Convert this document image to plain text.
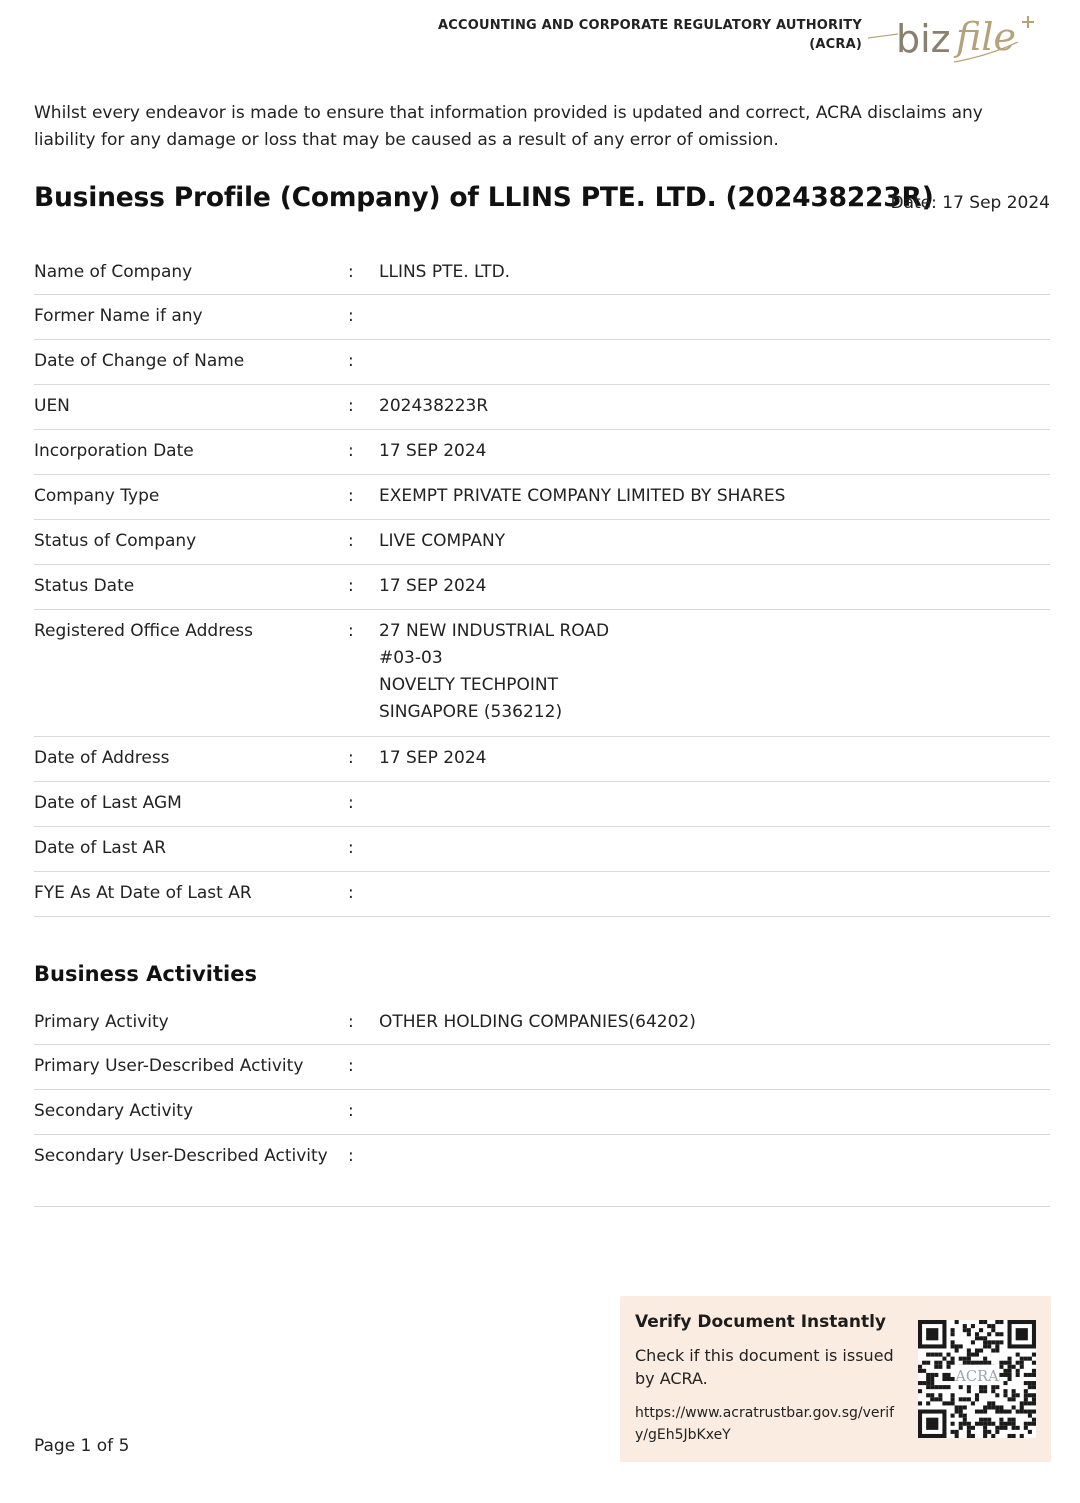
ACCOUNTING AND CORPORATE REGULATORY AUTHORITY
(ACRA) biz file
Whilst every endeavor is made to ensure that information provided is updated and correct, ACRA disclaims any liability for any damage or loss that may be caused as a result of any error of omission.
Business Profile (Company) of LLINS PTE. LTD. (202438223R)
Date: 17 Sep 2024
Name of Company	: LLINS PTE. LTD.
Former Name if any	:
Date of Change of Name	:
UEN	: 202438223R
Incorporation Date	: 17 SEP 2024
Company Type	: EXEMPT PRIVATE COMPANY LIMITED BY SHARES
Status of Company	: LIVE COMPANY
Status Date	: 17 SEP 2024
Registered Office Address	: 27 NEW INDUSTRIAL ROAD
#03-03
NOVELTY TECHPOINT
SINGAPORE (536212)
Date of Address	: 17 SEP 2024
Date of Last AGM	:
Date of Last AR	:
FYE As At Date of Last AR	:
Business Activities
Primary Activity	: OTHER HOLDING COMPANIES(64202)
Primary User-Described Activity	:
Secondary Activity	:
Secondary User-Described Activity	:
Page 1 of 5
Verify Document Instantly
Check if this document is issued by ACRA.
https://www.acratrustbar.gov.sg/verify/gEh5JbKxeY
ACRA
